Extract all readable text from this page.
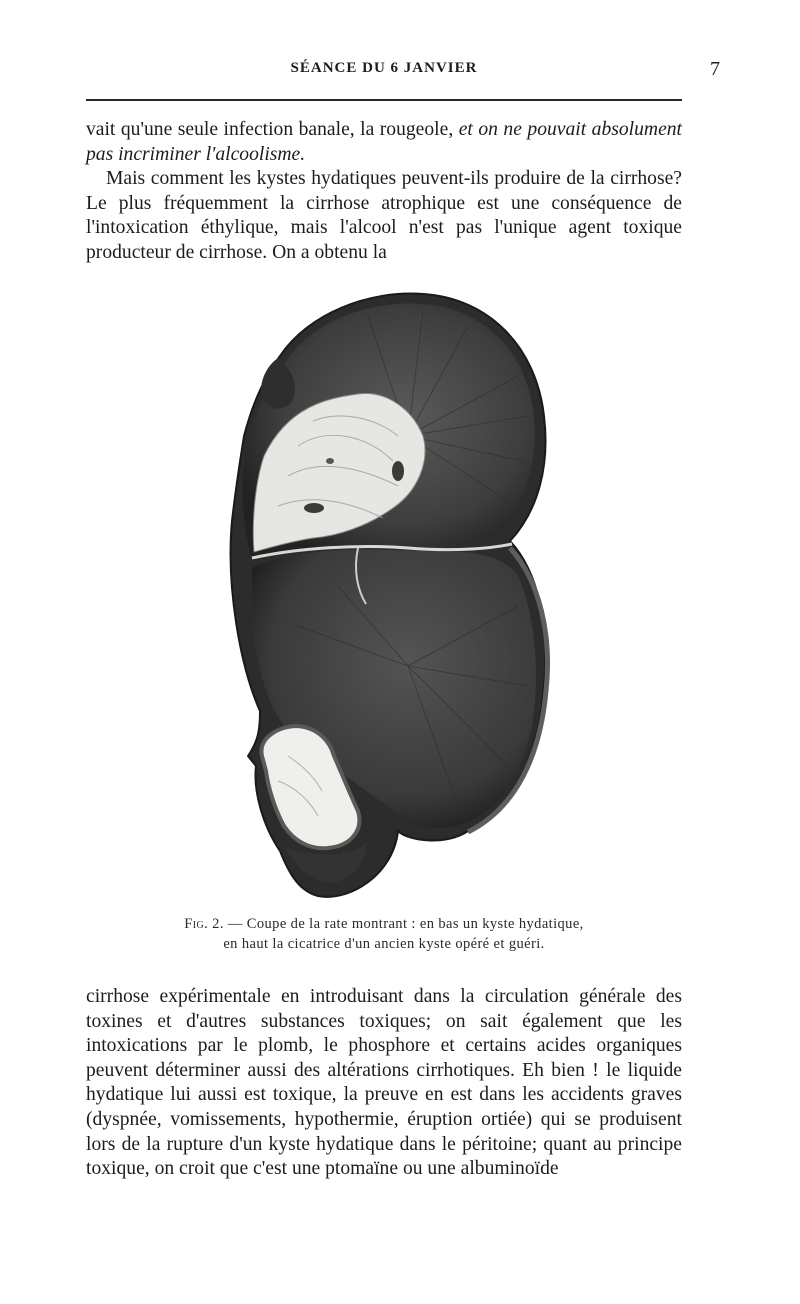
SÉANCE DU 6 JANVIER	7

vait qu'une seule infection banale, la rougeole, et on ne pouvait absolument pas incriminer l'alcoolisme.

Mais comment les kystes hydatiques peuvent-ils produire de la cirrhose? Le plus fréquemment la cirrhose atrophique est une conséquence de l'intoxication éthylique, mais l'alcool n'est pas l'unique agent toxique producteur de cirrhose. On a obtenu la

Fig. 2. — Coupe de la rate montrant : en bas un kyste hydatique,
en haut la cicatrice d'un ancien kyste opéré et guéri.

cirrhose expérimentale en introduisant dans la circulation générale des toxines et d'autres substances toxiques; on sait également que les intoxications par le plomb, le phosphore et certains acides organiques peuvent déterminer aussi des altérations cirrhotiques. Eh bien ! le liquide hydatique lui aussi est toxique, la preuve en est dans les accidents graves (dyspnée, vomissements, hypothermie, éruption ortiée) qui se produisent lors de la rupture d'un kyste hydatique dans le péritoine; quant au principe toxique, on croit que c'est une ptomaïne ou une albuminoïde
